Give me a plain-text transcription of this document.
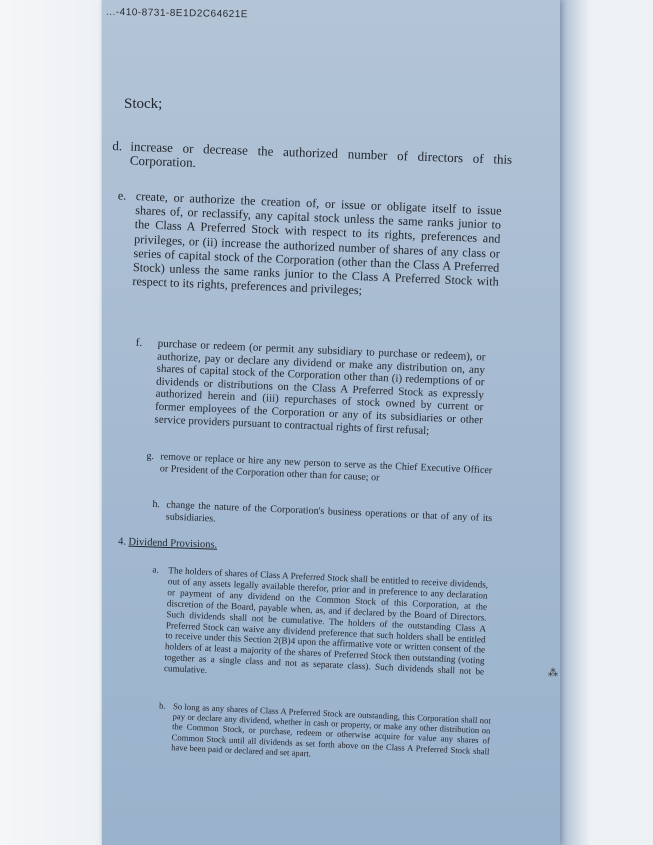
...-410-8731-8E1D2C64621E
Stock;
d. increase or decrease the authorized number of directors of this Corporation.
e. create, or authorize the creation of, or issue or obligate itself to issue shares of, or reclassify, any capital stock unless the same ranks junior to the Class A Preferred Stock with respect to its rights, preferences and privileges, or (ii) increase the authorized number of shares of any class or series of capital stock of the Corporation (other than the Class A Preferred Stock) unless the same ranks junior to the Class A Preferred Stock with respect to its rights, preferences and privileges;
f.	purchase or redeem (or permit any subsidiary to purchase or redeem), or authorize, pay or declare any dividend or make any distribution on, any shares of capital stock of the Corporation other than (i) redemptions of or dividends or distributions on the Class A Preferred Stock as expressly authorized herein and (iii) repurchases of stock owned by current or former employees of the Corporation or any of its subsidiaries or other service providers pursuant to contractual rights of first refusal;
g. remove or replace or hire any new person to serve as the Chief Executive Officer or President of the Corporation other than for cause; or
h. change the nature of the Corporation's business operations or that of any of its subsidiaries.
4. Dividend Provisions.
a. The holders of shares of Class A Preferred Stock shall be entitled to receive dividends, out of any assets legally available therefor, prior and in preference to any declaration or payment of any dividend on the Common Stock of this Corporation, at the discretion of the Board, payable when, as, and if declared by the Board of Directors. Such dividends shall not be cumulative. The holders of the outstanding Class A Preferred Stock can waive any dividend preference that such holders shall be entitled to receive under this Section 2(B)4 upon the affirmative vote or written consent of the holders of at least a majority of the shares of Preferred Stock then outstanding (voting together as a single class and not as separate class). Such dividends shall not be cumulative.
b. So long as any shares of Class A Preferred Stock are outstanding, this Corporation shall not pay or declare any dividend, whether in cash or property, or make any other distribution on the Common Stock, or purchase, redeem or otherwise acquire for value any shares of Common Stock until all dividends as set forth above on the Class A Preferred Stock shall have been paid or declared and set apart.
⁂
